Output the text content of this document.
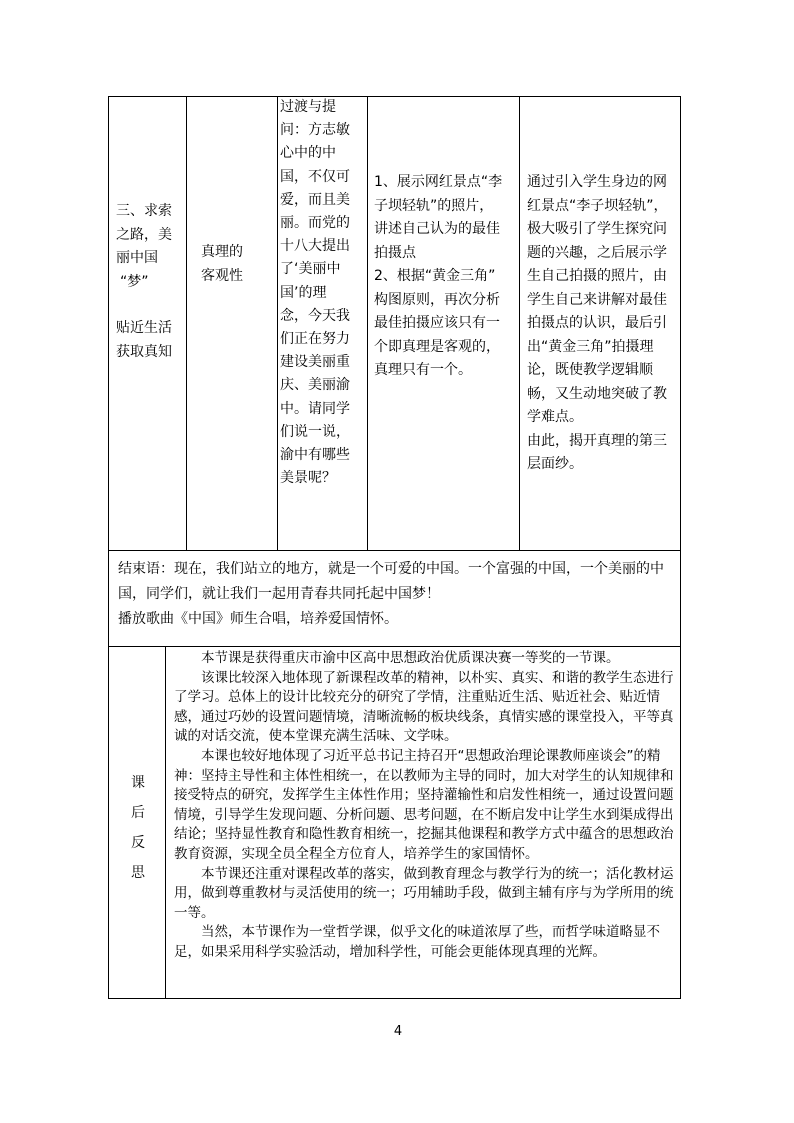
三、求索
之路，美
丽中国
“梦”
贴近生活
获取真知
真理的
客观性
过渡与提
问：方志敏
心中的中
国，不仅可
爱，而且美
丽。而党的
十八大提出
了‘美丽中
国’的理
念，今天我
们正在努力
建设美丽重
庆、美丽渝
中。请同学
们说一说，
渝中有哪些
美景呢？
1、展示网红景点“李
子坝轻轨”的照片，
讲述自己认为的最佳
拍摄点
2、根据“黄金三角”
构图原则，再次分析
最佳拍摄应该只有一
个即真理是客观的，
真理只有一个。
通过引入学生身边的网
红景点“李子坝轻轨”，
极大吸引了学生探究问
题的兴趣，之后展示学
生自己拍摄的照片，由
学生自己来讲解对最佳
拍摄点的认识，最后引
出“黄金三角”拍摄理
论，既使教学逻辑顺
畅，又生动地突破了教
学难点。
由此，揭开真理的第三
层面纱。
结束语：现在，我们站立的地方，就是一个可爱的中国。一个富强的中国，一个美丽的中
国，同学们，就让我们一起用青春共同托起中国梦！
播放歌曲《中国》师生合唱，培养爱国情怀。
课
后
反
思

本节课是获得重庆市渝中区高中思想政治优质课决赛一等奖的一节课。

该课比较深入地体现了新课程改革的精神，以朴实、真实、和谐的教学生态进行了学习。总体上的设计比较充分的研究了学情，注重贴近生活、贴近社会、贴近情感，通过巧妙的设置问题情境，清晰流畅的板块线条，真情实感的课堂投入，平等真诚的对话交流，使本堂课充满生活味、文学味。

本课也较好地体现了习近平总书记主持召开“思想政治理论课教师座谈会”的精神：坚持主导性和主体性相统一，在以教师为主导的同时，加大对学生的认知规律和接受特点的研究，发挥学生主体性作用；坚持灌输性和启发性相统一，通过设置问题情境，引导学生发现问题、分析问题、思考问题，在不断启发中让学生水到渠成得出结论；坚持显性教育和隐性教育相统一，挖掘其他课程和教学方式中蕴含的思想政治教育资源，实现全员全程全方位育人，培养学生的家国情怀。

本节课还注重对课程改革的落实，做到教育理念与教学行为的统一；活化教材运用，做到尊重教材与灵活使用的统一；巧用辅助手段，做到主辅有序与为学所用的统一等。

当然，本节课作为一堂哲学课，似乎文化的味道浓厚了些，而哲学味道略显不足，如果采用科学实验活动，增加科学性，可能会更能体现真理的光辉。

4
